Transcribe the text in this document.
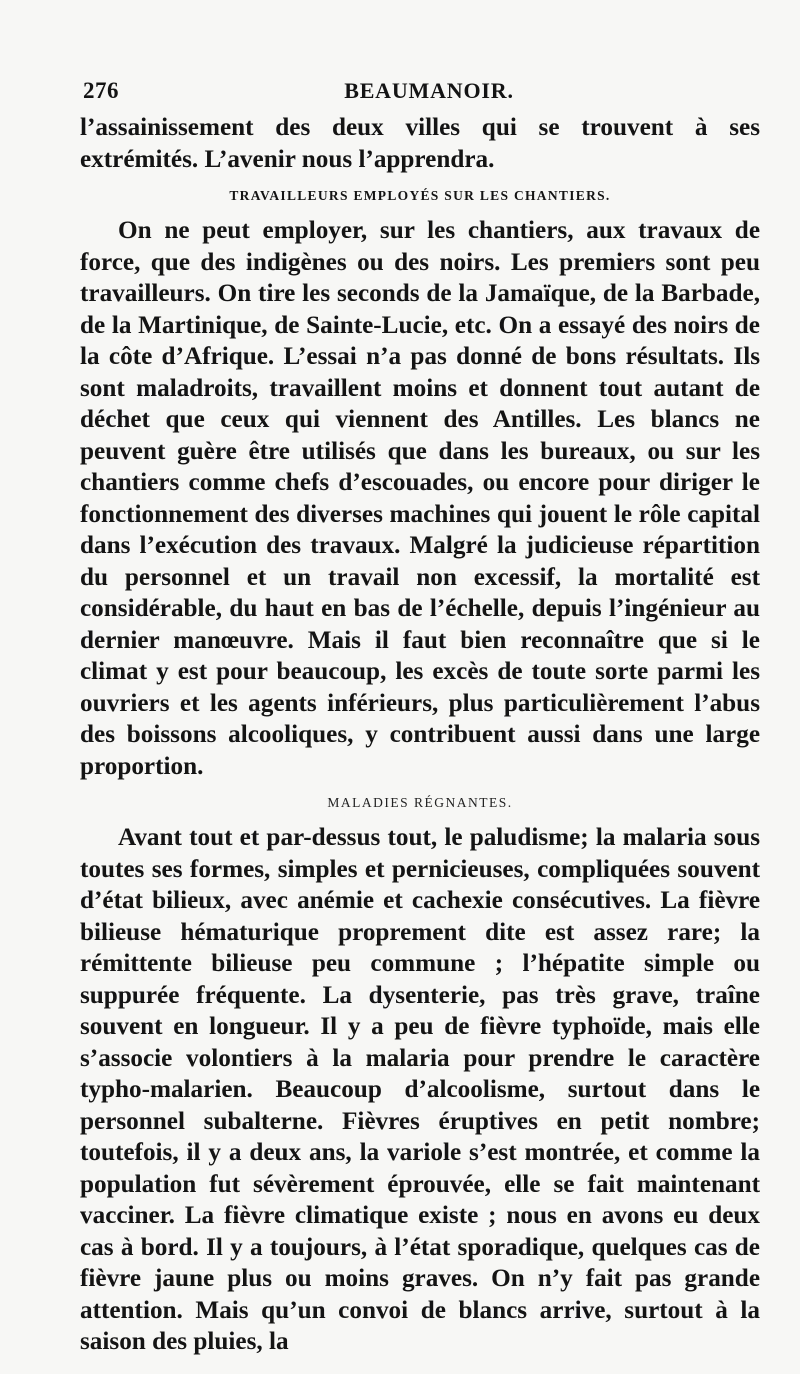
276	BEAUMANOIR.

l’assainissement des deux villes qui se trouvent à ses extrémités. L’avenir nous l’apprendra.

TRAVAILLEURS EMPLOYÉS SUR LES CHANTIERS.

On ne peut employer, sur les chantiers, aux travaux de force, que des indigènes ou des noirs. Les premiers sont peu travailleurs. On tire les seconds de la Jamaïque, de la Barbade, de la Martinique, de Sainte-Lucie, etc. On a essayé des noirs de la côte d’Afrique. L’essai n’a pas donné de bons résultats. Ils sont maladroits, travaillent moins et donnent tout autant de déchet que ceux qui viennent des Antilles. Les blancs ne peuvent guère être utilisés que dans les bureaux, ou sur les chantiers comme chefs d’escouades, ou encore pour diriger le fonctionnement des diverses machines qui jouent le rôle capital dans l’exécution des travaux. Malgré la judicieuse répartition du personnel et un travail non excessif, la mortalité est considérable, du haut en bas de l’échelle, depuis l’ingénieur au dernier manœuvre. Mais il faut bien reconnaître que si le climat y est pour beaucoup, les excès de toute sorte parmi les ouvriers et les agents inférieurs, plus particulièrement l’abus des boissons alcooliques, y contribuent aussi dans une large proportion.

MALADIES RÉGNANTES.

Avant tout et par-dessus tout, le paludisme; la malaria sous toutes ses formes, simples et pernicieuses, compliquées souvent d’état bilieux, avec anémie et cachexie consécutives. La fièvre bilieuse hématurique proprement dite est assez rare; la rémittente bilieuse peu commune ; l’hépatite simple ou suppurée fréquente. La dysenterie, pas très grave, traîne souvent en longueur. Il y a peu de fièvre typhoïde, mais elle s’associe volontiers à la malaria pour prendre le caractère typho-malarien. Beaucoup d’alcoolisme, surtout dans le personnel subalterne. Fièvres éruptives en petit nombre; toutefois, il y a deux ans, la variole s’est montrée, et comme la population fut sévèrement éprouvée, elle se fait maintenant vacciner. La fièvre climatique existe ; nous en avons eu deux cas à bord. Il y a toujours, à l’état sporadique, quelques cas de fièvre jaune plus ou moins graves. On n’y fait pas grande attention. Mais qu’un convoi de blancs arrive, surtout à la saison des pluies, la
